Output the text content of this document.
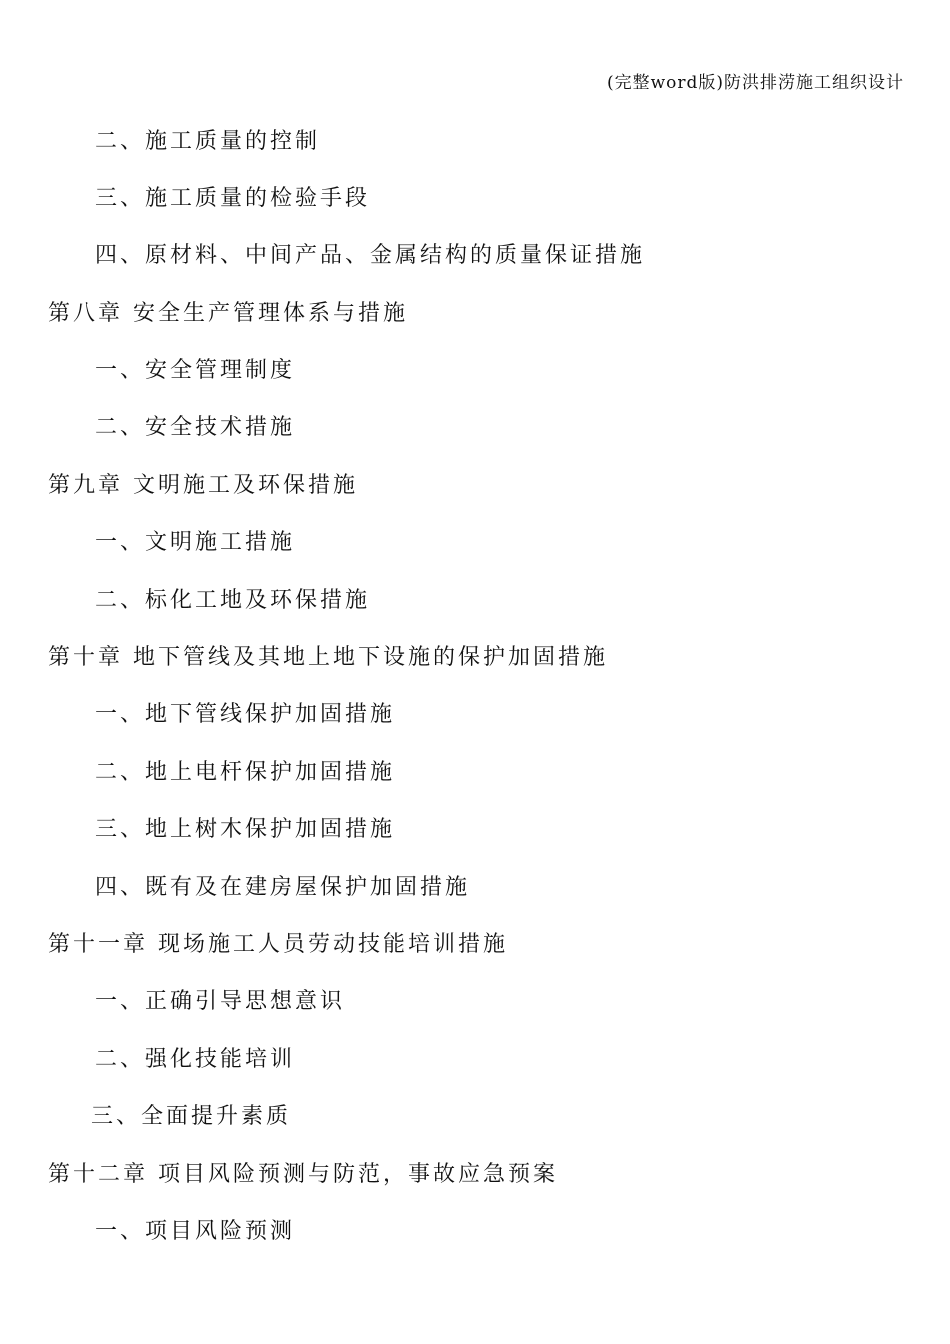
(完整word版)防洪排涝施工组织设计
二、施工质量的控制
三、施工质量的检验手段
四、原材料、中间产品、金属结构的质量保证措施
第八章 安全生产管理体系与措施
一、安全管理制度
二、安全技术措施
第九章 文明施工及环保措施
一、文明施工措施
二、标化工地及环保措施
第十章 地下管线及其地上地下设施的保护加固措施
一、地下管线保护加固措施
二、地上电杆保护加固措施
三、地上树木保护加固措施
四、既有及在建房屋保护加固措施
第十一章 现场施工人员劳动技能培训措施
一、正确引导思想意识
二、强化技能培训
三、全面提升素质
第十二章 项目风险预测与防范，事故应急预案
一、项目风险预测
